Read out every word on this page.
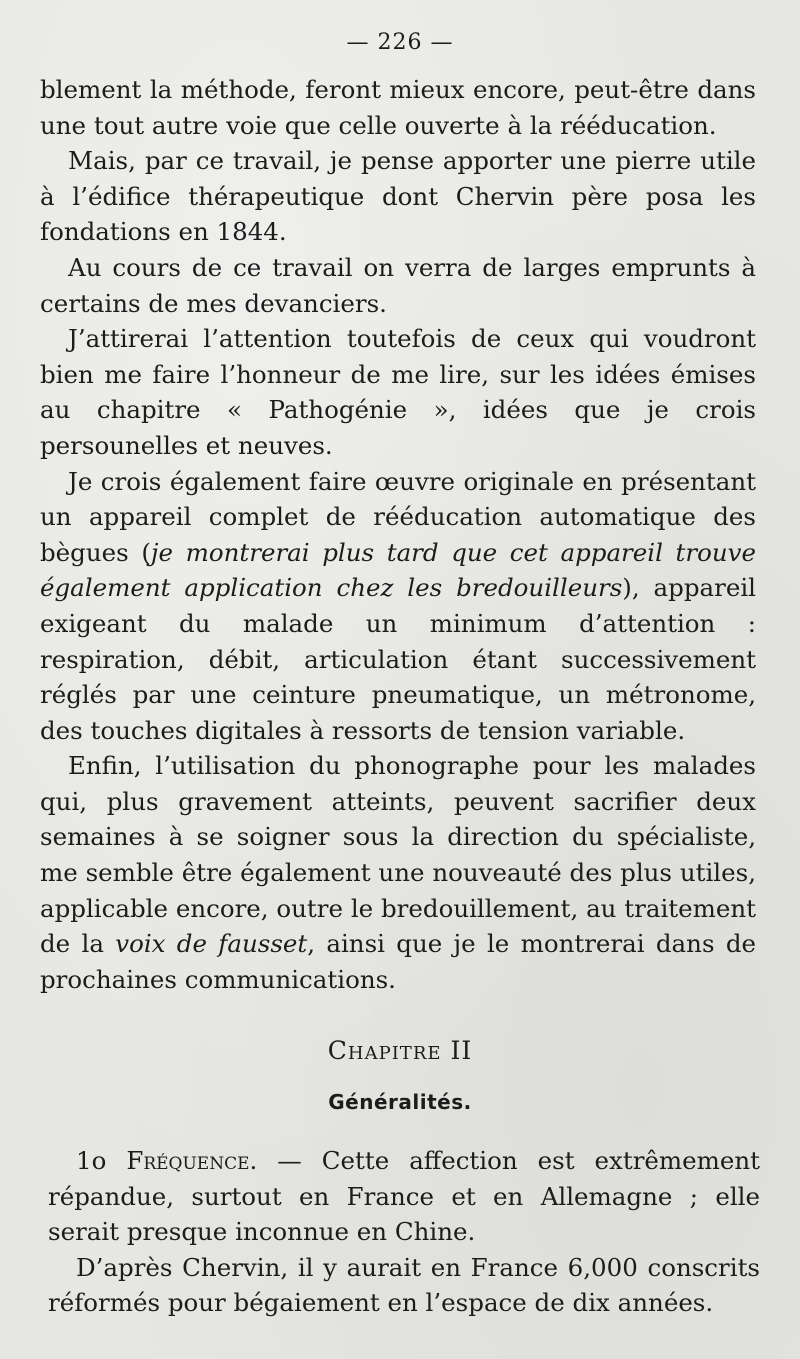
— 226 —

blement la méthode, feront mieux encore, peut-être dans une tout autre voie que celle ouverte à la rééducation.

Mais, par ce travail, je pense apporter une pierre utile à l’édifice thérapeutique dont Chervin père posa les fondations en 1844.

Au cours de ce travail on verra de larges emprunts à certains de mes devanciers.

J’attirerai l’attention toutefois de ceux qui voudront bien me faire l’honneur de me lire, sur les idées émises au chapitre « Pathogénie », idées que je crois persounelles et neuves.

Je crois également faire œuvre originale en présentant un appareil complet de rééducation automatique des bègues (je montrerai plus tard que cet appareil trouve également application chez les bredouilleurs), appareil exigeant du malade un minimum d’attention : respiration, débit, articulation étant successivement réglés par une ceinture pneumatique, un métronome, des touches digitales à ressorts de tension variable.

Enfin, l’utilisation du phonographe pour les malades qui, plus gravement atteints, peuvent sacrifier deux semaines à se soigner sous la direction du spécialiste, me semble être également une nouveauté des plus utiles, applicable encore, outre le bredouillement, au traitement de la voix de fausset, ainsi que je le montrerai dans de prochaines communications.

Chapitre II
Généralités.

1o Fréquence. — Cette affection est extrêmement répandue, surtout en France et en Allemagne ; elle serait presque inconnue en Chine.

D’après Chervin, il y aurait en France 6,000 conscrits réformés pour bégaiement en l’espace de dix années.
